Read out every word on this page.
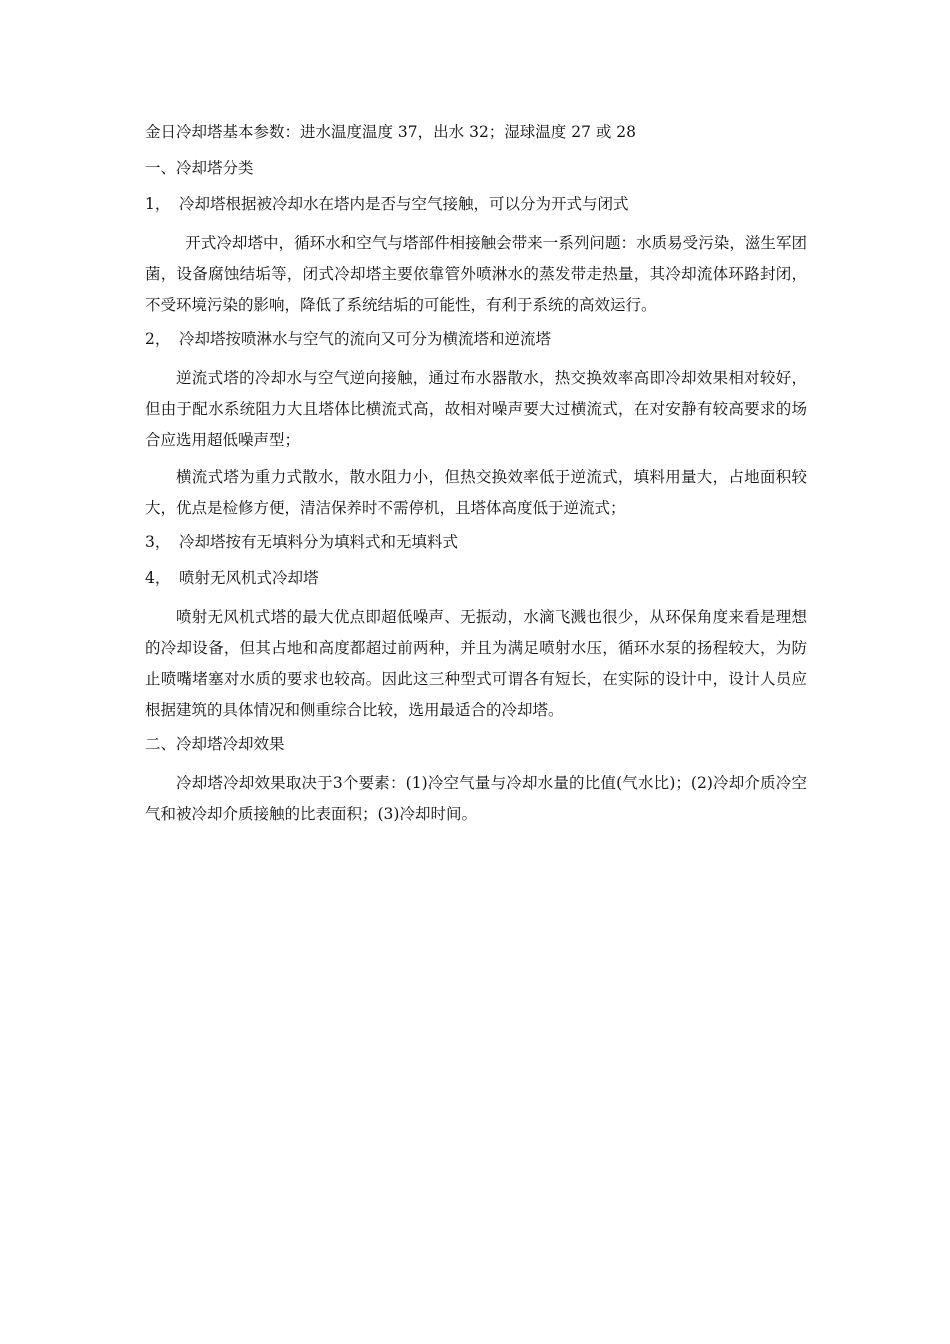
金日冷却塔基本参数：进水温度温度 37，出水 32；湿球温度 27 或 28

一、冷却塔分类

1， 冷却塔根据被冷却水在塔内是否与空气接触，可以分为开式与闭式

开式冷却塔中，循环水和空气与塔部件相接触会带来一系列问题：水质易受污染，滋生军团菌，设备腐蚀结垢等，闭式冷却塔主要依靠管外喷淋水的蒸发带走热量，其冷却流体环路封闭，不受环境污染的影响，降低了系统结垢的可能性，有利于系统的高效运行。

2， 冷却塔按喷淋水与空气的流向又可分为横流塔和逆流塔

逆流式塔的冷却水与空气逆向接触，通过布水器散水，热交换效率高即冷却效果相对较好，但由于配水系统阻力大且塔体比横流式高，故相对噪声要大过横流式，在对安静有较高要求的场合应选用超低噪声型；

横流式塔为重力式散水，散水阻力小，但热交换效率低于逆流式，填料用量大，占地面积较大，优点是检修方便，清洁保养时不需停机，且塔体高度低于逆流式；

3， 冷却塔按有无填料分为填料式和无填料式

4， 喷射无风机式冷却塔

喷射无风机式塔的最大优点即超低噪声、无振动，水滴飞溅也很少，从环保角度来看是理想的冷却设备，但其占地和高度都超过前两种，并且为满足喷射水压，循环水泵的扬程较大，为防止喷嘴堵塞对水质的要求也较高。因此这三种型式可谓各有短长，在实际的设计中，设计人员应根据建筑的具体情况和侧重综合比较，选用最适合的冷却塔。

二、冷却塔冷却效果

冷却塔冷却效果取决于3个要素：(1)冷空气量与冷却水量的比值(气水比)；(2)冷却介质冷空气和被冷却介质接触的比表面积；(3)冷却时间。
